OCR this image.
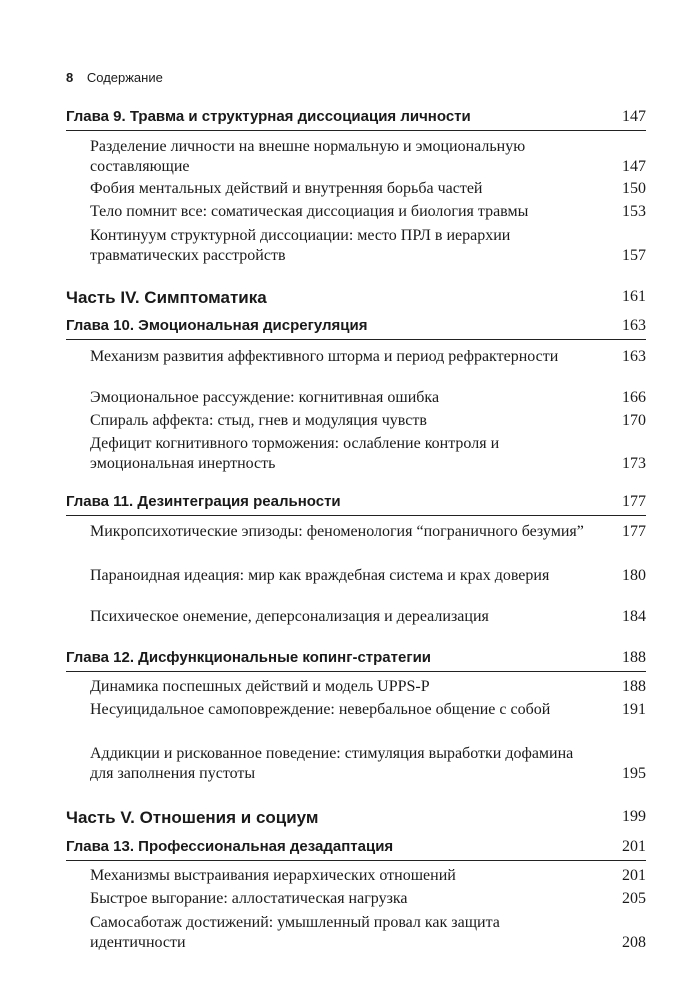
8 Содержание
Глава 9. Травма и структурная диссоциация личности	147
Разделение личности на внешне нормальную и эмоциональную составляющие	147
Фобия ментальных действий и внутренняя борьба частей	150
Тело помнит все: соматическая диссоциация и биология травмы	153
Континуум структурной диссоциации: место ПРЛ в иерархии травматических расстройств	157
Часть IV. Симптоматика	161
Глава 10. Эмоциональная дисрегуляция	163
Механизм развития аффективного шторма и период рефрактерности	163
Эмоциональное рассуждение: когнитивная ошибка	166
Спираль аффекта: стыд, гнев и модуляция чувств	170
Дефицит когнитивного торможения: ослабление контроля и эмоциональная инертность	173
Глава 11. Дезинтеграция реальности	177
Микропсихотические эпизоды: феноменология “пограничного безумия”	177
Параноидная идеация: мир как враждебная система и крах доверия	180
Психическое онемение, деперсонализация и дереализация	184
Глава 12. Дисфункциональные копинг-стратегии	188
Динамика поспешных действий и модель UPPS-P	188
Несуицидальное самоповреждение: невербальное общение с собой	191
Аддикции и рискованное поведение: стимуляция выработки дофамина для заполнения пустоты	195
Часть V. Отношения и социум	199
Глава 13. Профессиональная дезадаптация	201
Механизмы выстраивания иерархических отношений	201
Быстрое выгорание: аллостатическая нагрузка	205
Самосаботаж достижений: умышленный провал как защита идентичности	208
